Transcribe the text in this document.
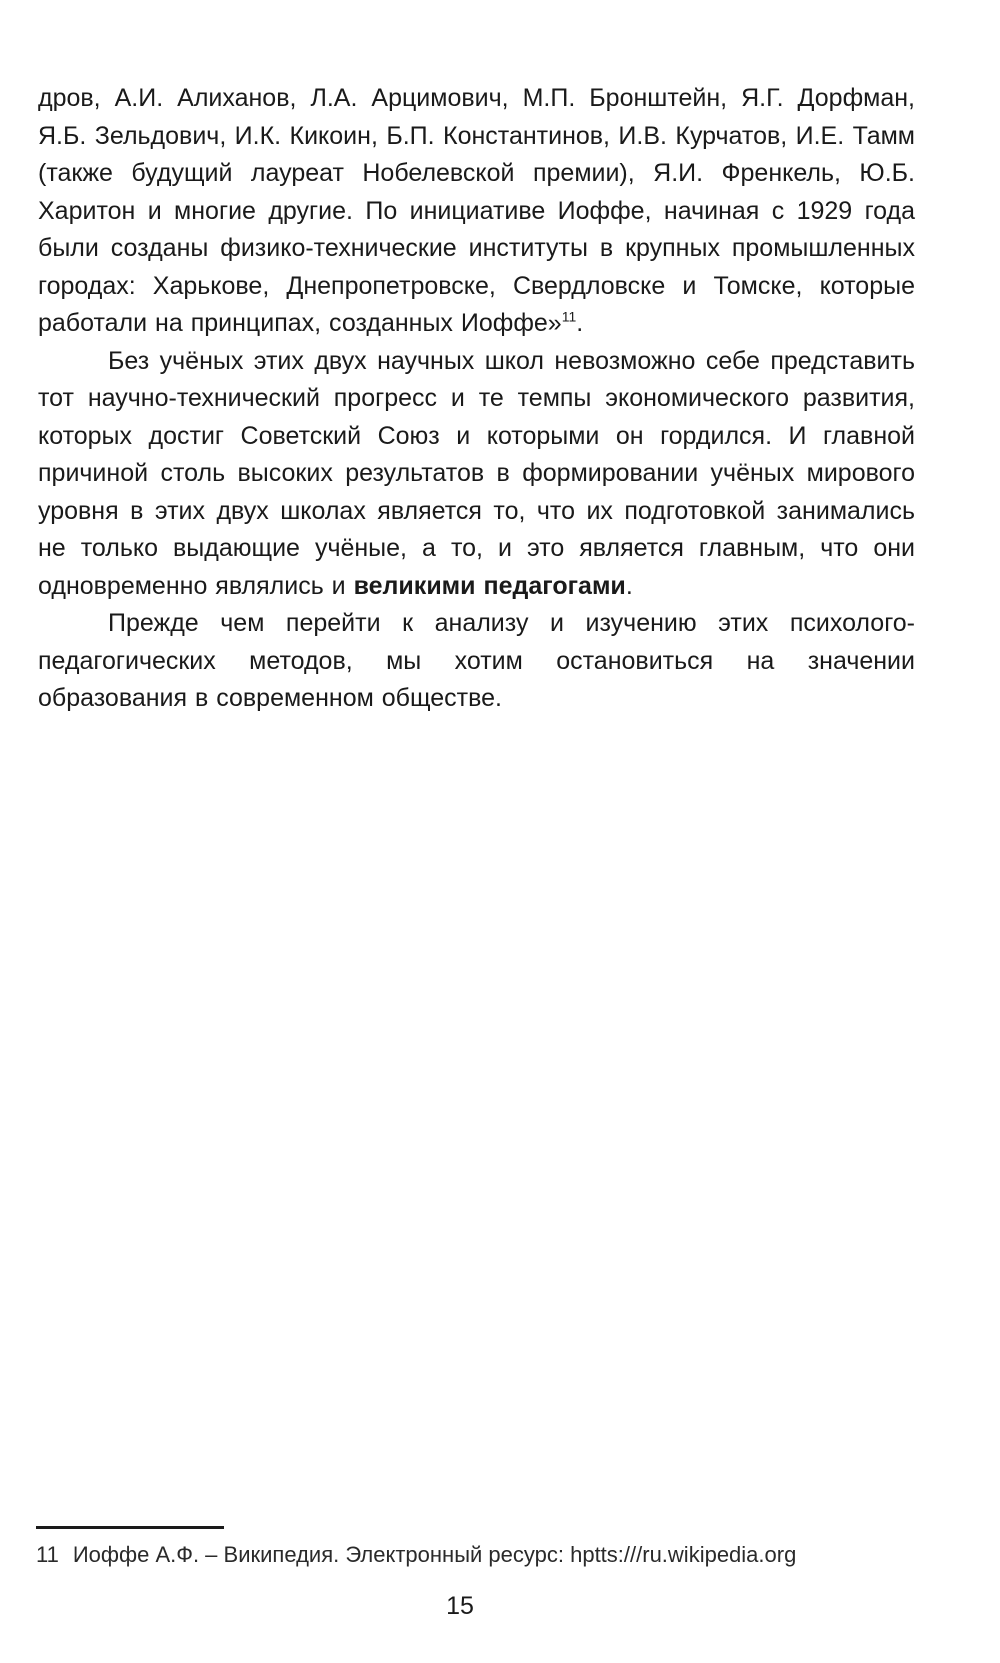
дров, А.И. Алиханов, Л.А. Арцимович, М.П. Бронштейн, Я.Г. Дорфман, Я.Б. Зельдович, И.К. Кикоин, Б.П. Константинов, И.В. Курчатов, И.Е. Тамм (также будущий лауреат Нобелевской премии), Я.И. Френкель, Ю.Б. Харитон и многие другие. По инициативе Иоффе, начиная с 1929 года были созданы физико-технические институты в крупных промышленных городах: Харькове, Днепропетровске, Свердловске и Томске, которые работали на принципах, созданных Иоффе»$^{11}$.

Без учёных этих двух научных школ невозможно себе представить тот научно-технический прогресс и те темпы экономического развития, которых достиг Советский Союз и которыми он гордился. И главной причиной столь высоких результатов в формировании учёных мирового уровня в этих двух школах является то, что их подготовкой занимались не только выдающие учёные, а то, и это является главным, что они одновременно являлись и великими педагогами.

Прежде чем перейти к анализу и изучению этих психолого-педагогических методов, мы хотим остановиться на значении образования в современном обществе.

11 Иоффе А.Ф. – Википедия. Электронный ресурс: hptts:///ru.wikipedia.org
15
